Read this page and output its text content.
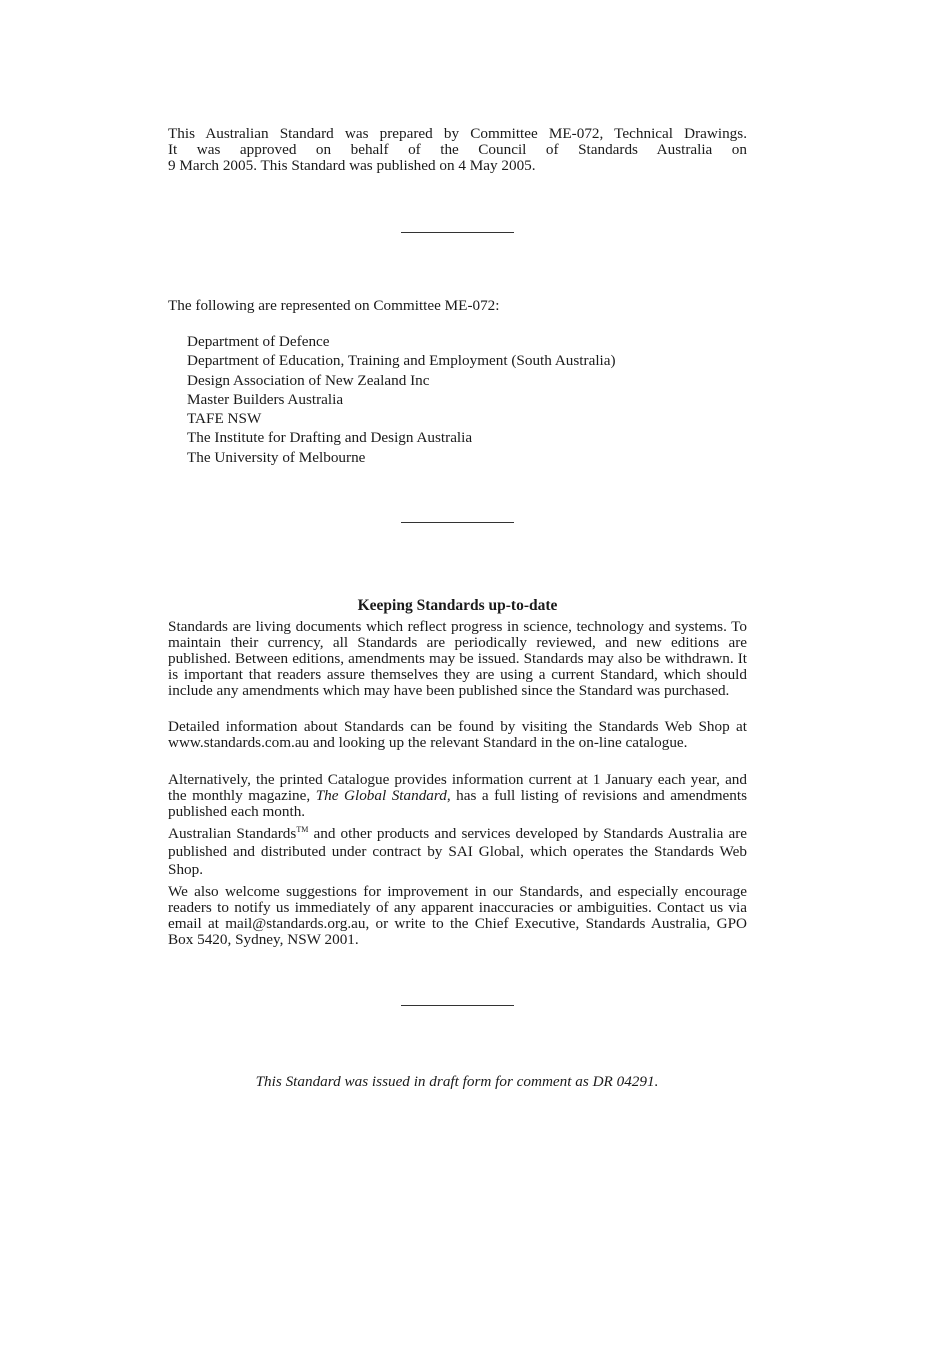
This Australian Standard was prepared by Committee ME-072, Technical Drawings.
It was approved on behalf of the Council of Standards Australia on
9 March 2005. This Standard was published on 4 May 2005.
The following are represented on Committee ME-072:
Department of Defence
Department of Education, Training and Employment (South Australia)
Design Association of New Zealand Inc
Master Builders Australia
TAFE NSW
The Institute for Drafting and Design Australia
The University of Melbourne
Keeping Standards up-to-date

Standards are living documents which reflect progress in science, technology and systems. To maintain their currency, all Standards are periodically reviewed, and new editions are published. Between editions, amendments may be issued. Standards may also be withdrawn. It is important that readers assure themselves they are using a current Standard, which should include any amendments which may have been published since the Standard was purchased.

Detailed information about Standards can be found by visiting the Standards Web Shop at www.standards.com.au and looking up the relevant Standard in the on-line catalogue.

Alternatively, the printed Catalogue provides information current at 1 January each year, and the monthly magazine, The Global Standard, has a full listing of revisions and amendments published each month.

Australian Standards™ and other products and services developed by Standards Australia are published and distributed under contract by SAI Global, which operates the Standards Web Shop.

We also welcome suggestions for improvement in our Standards, and especially encourage readers to notify us immediately of any apparent inaccuracies or ambiguities. Contact us via email at mail@standards.org.au, or write to the Chief Executive, Standards Australia, GPO Box 5420, Sydney, NSW 2001.

This Standard was issued in draft form for comment as DR 04291.
